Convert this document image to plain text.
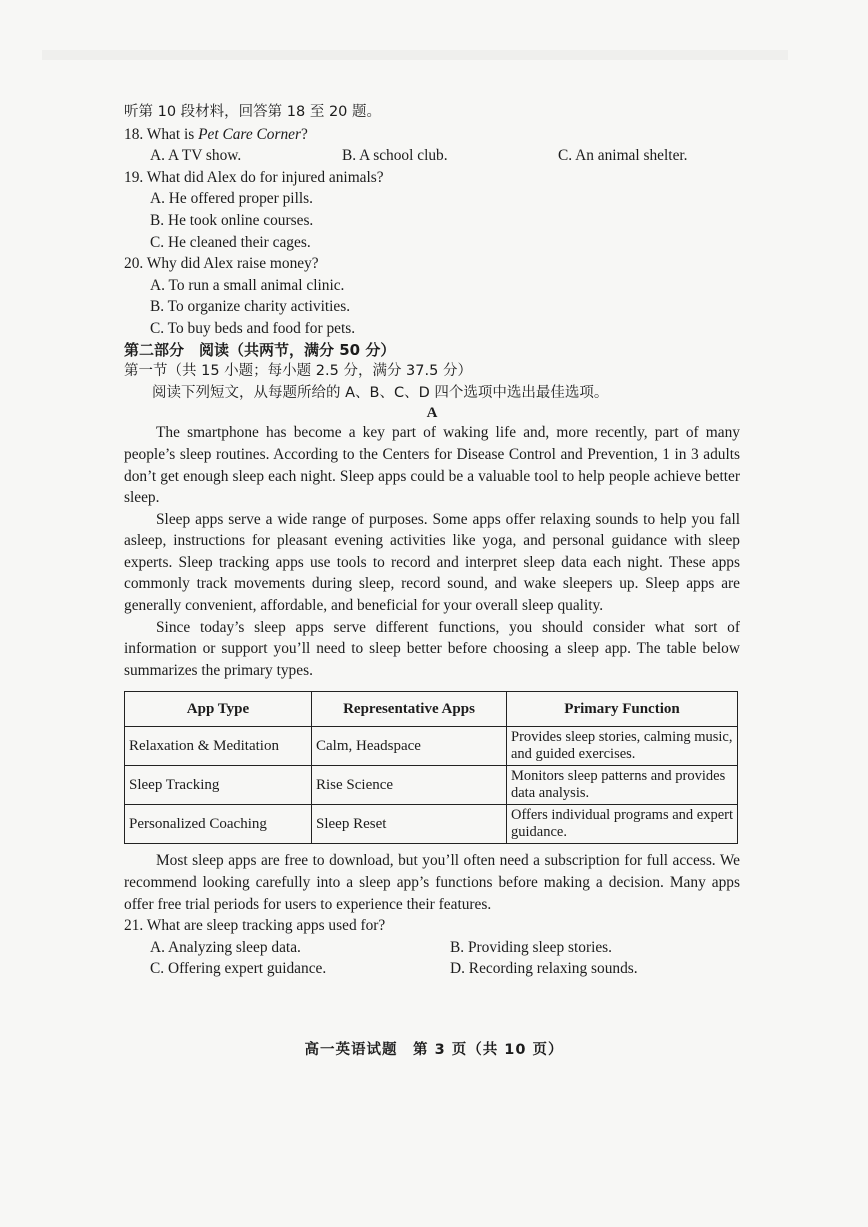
听第 10 段材料，回答第 18 至 20 题。
18. What is Pet Care Corner?
A. A TV show.	B. A school club.	C. An animal shelter.
19. What did Alex do for injured animals?
A. He offered proper pills.
B. He took online courses.
C. He cleaned their cages.
20. Why did Alex raise money?
A. To run a small animal clinic.
B. To organize charity activities.
C. To buy beds and food for pets.
第二部分　阅读（共两节，满分 50 分）
第一节（共 15 小题；每小题 2.5 分，满分 37.5 分）
阅读下列短文，从每题所给的 A、B、C、D 四个选项中选出最佳选项。
A

The smartphone has become a key part of waking life and, more recently, part of many people’s sleep routines. According to the Centers for Disease Control and Prevention, 1 in 3 adults don’t get enough sleep each night. Sleep apps could be a valuable tool to help people achieve better sleep.

Sleep apps serve a wide range of purposes. Some apps offer relaxing sounds to help you fall asleep, instructions for pleasant evening activities like yoga, and personal guidance with sleep experts. Sleep tracking apps use tools to record and interpret sleep data each night. These apps commonly track movements during sleep, record sound, and wake sleepers up. Sleep apps are generally convenient, affordable, and beneficial for your overall sleep quality.

Since today’s sleep apps serve different functions, you should consider what sort of information or support you’ll need to sleep better before choosing a sleep app. The table below summarizes the primary types.

App Type	Representative Apps	Primary Function
Relaxation & Meditation	Calm, Headspace	Provides sleep stories, calming music, and guided exercises.
Sleep Tracking	Rise Science	Monitors sleep patterns and provides data analysis.
Personalized Coaching	Sleep Reset	Offers individual programs and expert guidance.

Most sleep apps are free to download, but you’ll often need a subscription for full access. We recommend looking carefully into a sleep app’s functions before making a decision. Many apps offer free trial periods for users to experience their features.

21. What are sleep tracking apps used for?
A. Analyzing sleep data.	B. Providing sleep stories.
C. Offering expert guidance.	D. Recording relaxing sounds.
高一英语试题　第 3 页（共 10 页）
